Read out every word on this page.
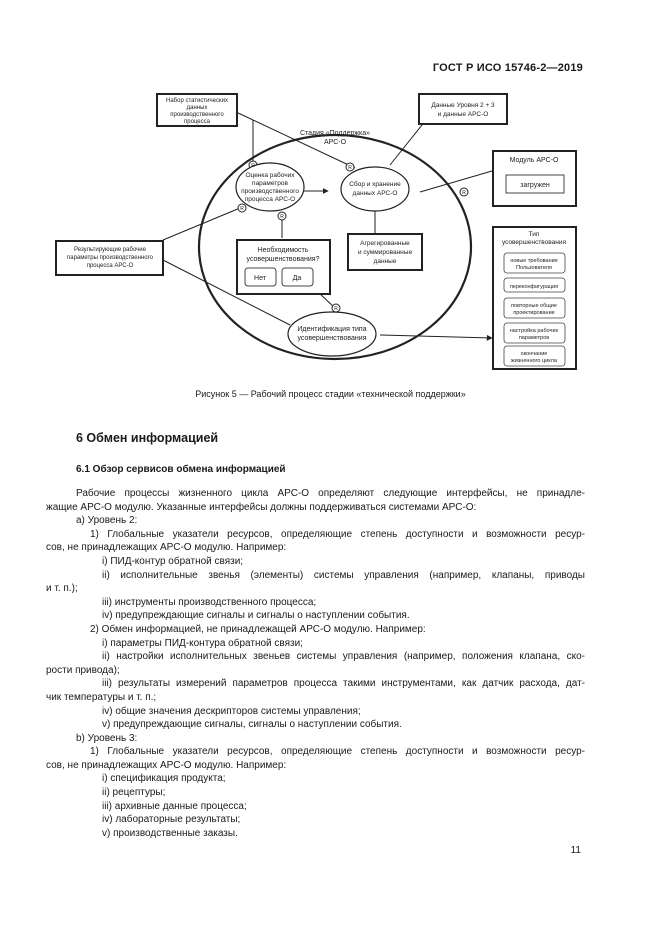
ГОСТ Р ИСО 15746-2—2019
Стадия «Поддержка»
АРС-О
Набор статистических
данных
производственного
процесса
Данные Уровня 2 + 3
и данные АРС-О
Оценка рабочих
параметров
производственного
процесса АРС-О
Сбор и хранение
данных АРС-О
Необходимость
усовершенствования?
Нет	Да
Агрегированные
и суммированные
данные
Результирующие рабочие
параметры производственного
процесса АРС-О
Идентификация типа
усовершенствования
Модуль АРС-О
загружен
Тип
усовершенствования
новые требования
Пользователя
переконфигурация
повторные общие
проектирование
настройка рабочих
параметров
окончание
жизненного цикла
R	R
R
R
R
R
Рисунок 5 — Рабочий процесс стадии «технической поддержки»
6 Обмен информацией
6.1 Обзор сервисов обмена информацией

Рабочие процессы жизненного цикла АРС-О определяют следующие интерфейсы, не принадле-

жащие АРС-О модулю. Указанные интерфейсы должны поддерживаться системами АРС-О:

а) Уровень 2:

1) Глобальные указатели ресурсов, определяющие степень доступности и возможности ресур-

сов, не принадлежащих АРС-О модулю. Например:

i) ПИД-контур обратной связи;

ii) исполнительные звенья (элементы) системы управления (например, клапаны, приводы

и т. п.);

iii) инструменты производственного процесса;

iv) предупреждающие сигналы и сигналы о наступлении события.

2) Обмен информацией, не принадлежащей АРС-О модулю. Например:

i) параметры ПИД-контура обратной связи;

ii) настройки исполнительных звеньев системы управления (например, положения клапана, ско-

рости привода);

iii) результаты измерений параметров процесса такими инструментами, как датчик расхода, дат-

чик температуры и т. п.;

iv) общие значения дескрипторов системы управления;

v) предупреждающие сигналы, сигналы о наступлении события.

b) Уровень 3:

1) Глобальные указатели ресурсов, определяющие степень доступности и возможности ресур-

сов, не принадлежащих АРС-О модулю. Например:

i) спецификация продукта;

ii) рецептуры;

iii) архивные данные процесса;

iv) лабораторные результаты;

v) производственные заказы.

11
